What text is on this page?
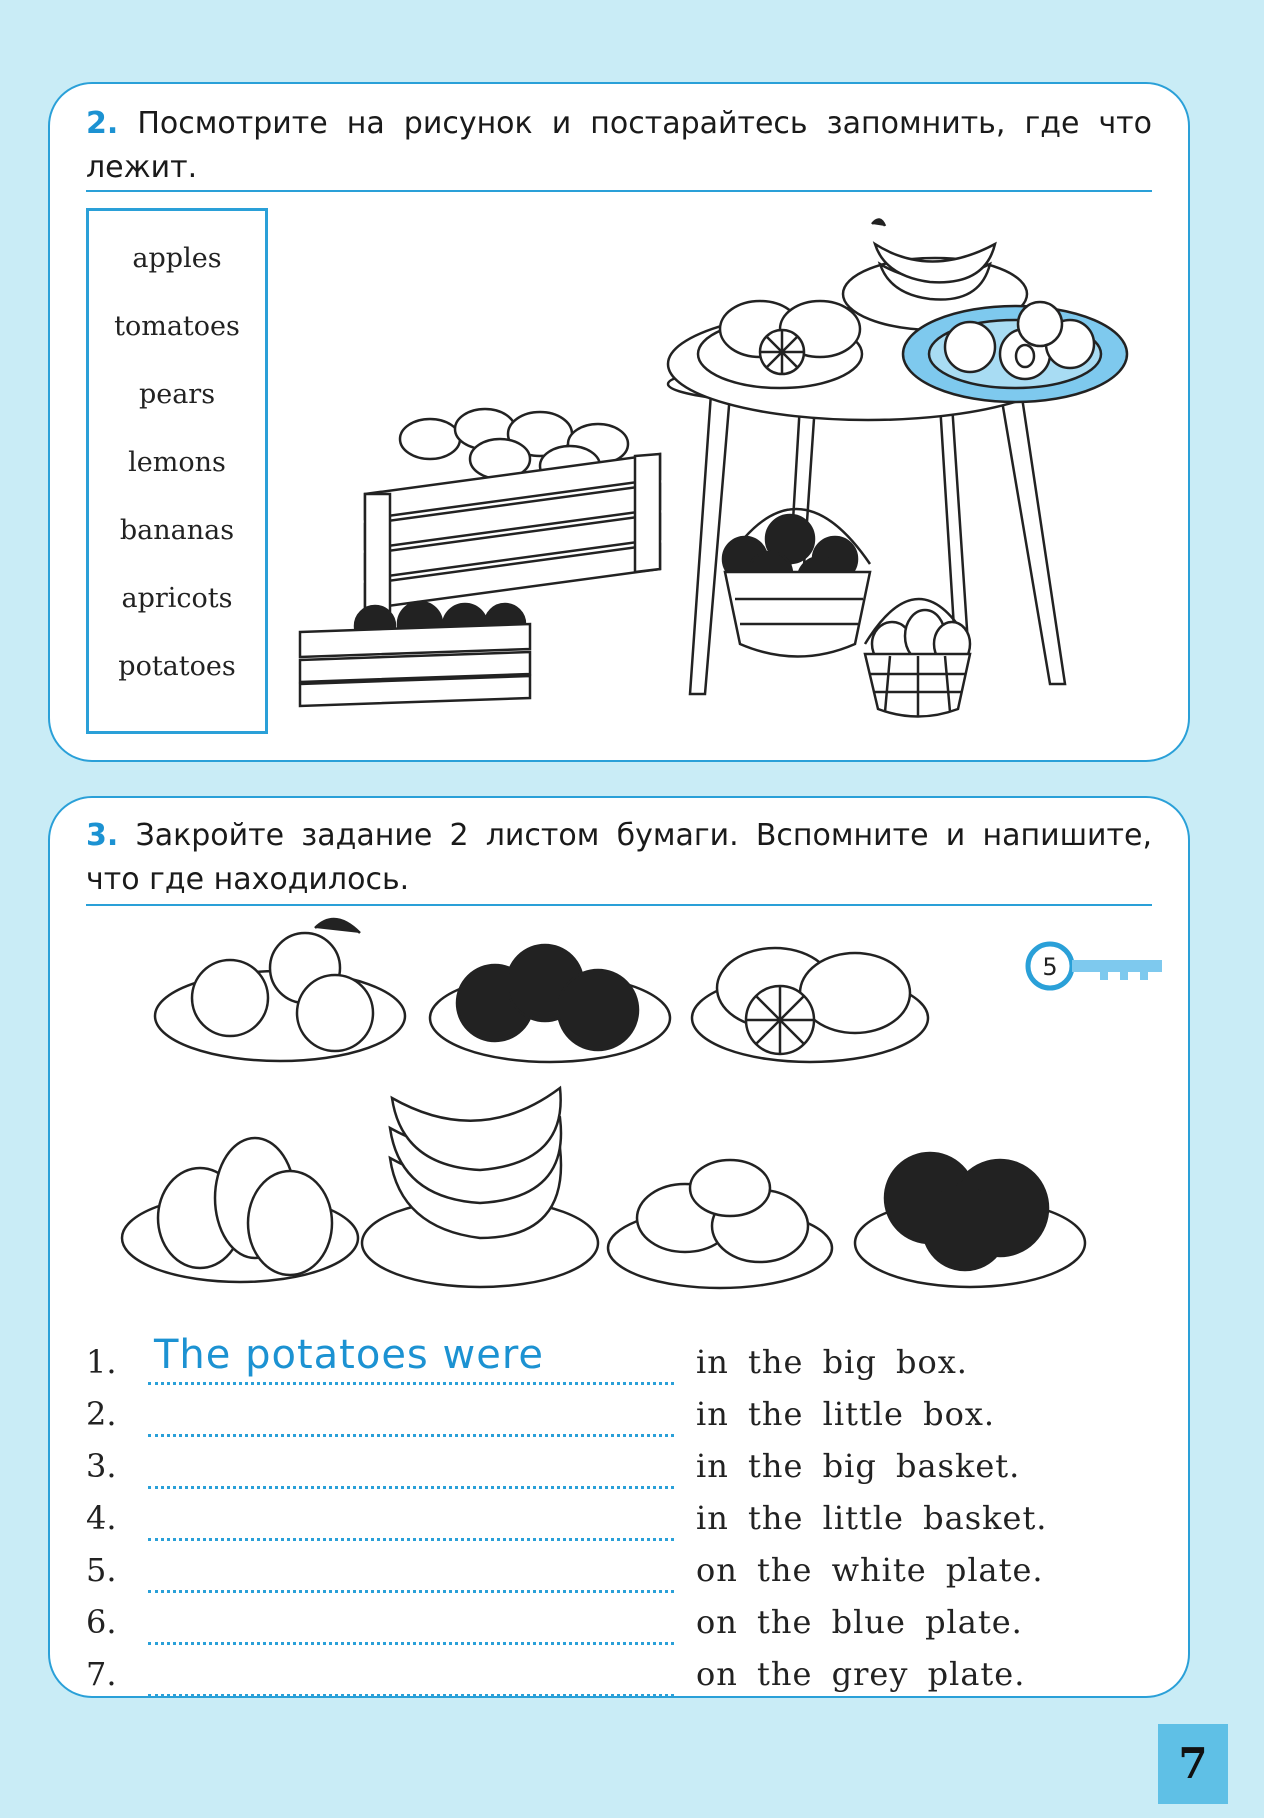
2. Посмотрите на рисунок и постарайтесь запомнить, где что лежит.
apples
tomatoes
pears
lemons
bananas
apricots
potatoes
3. Закройте задание 2 листом бумаги. Вспомните и напишите, что где находилось.
5
1. The potatoes were	in the big box.
2.	in the little box.
3.	in the big basket.
4.	in the little basket.
5.	on the white plate.
6.	on the blue plate.
7.	on the grey plate.
7
